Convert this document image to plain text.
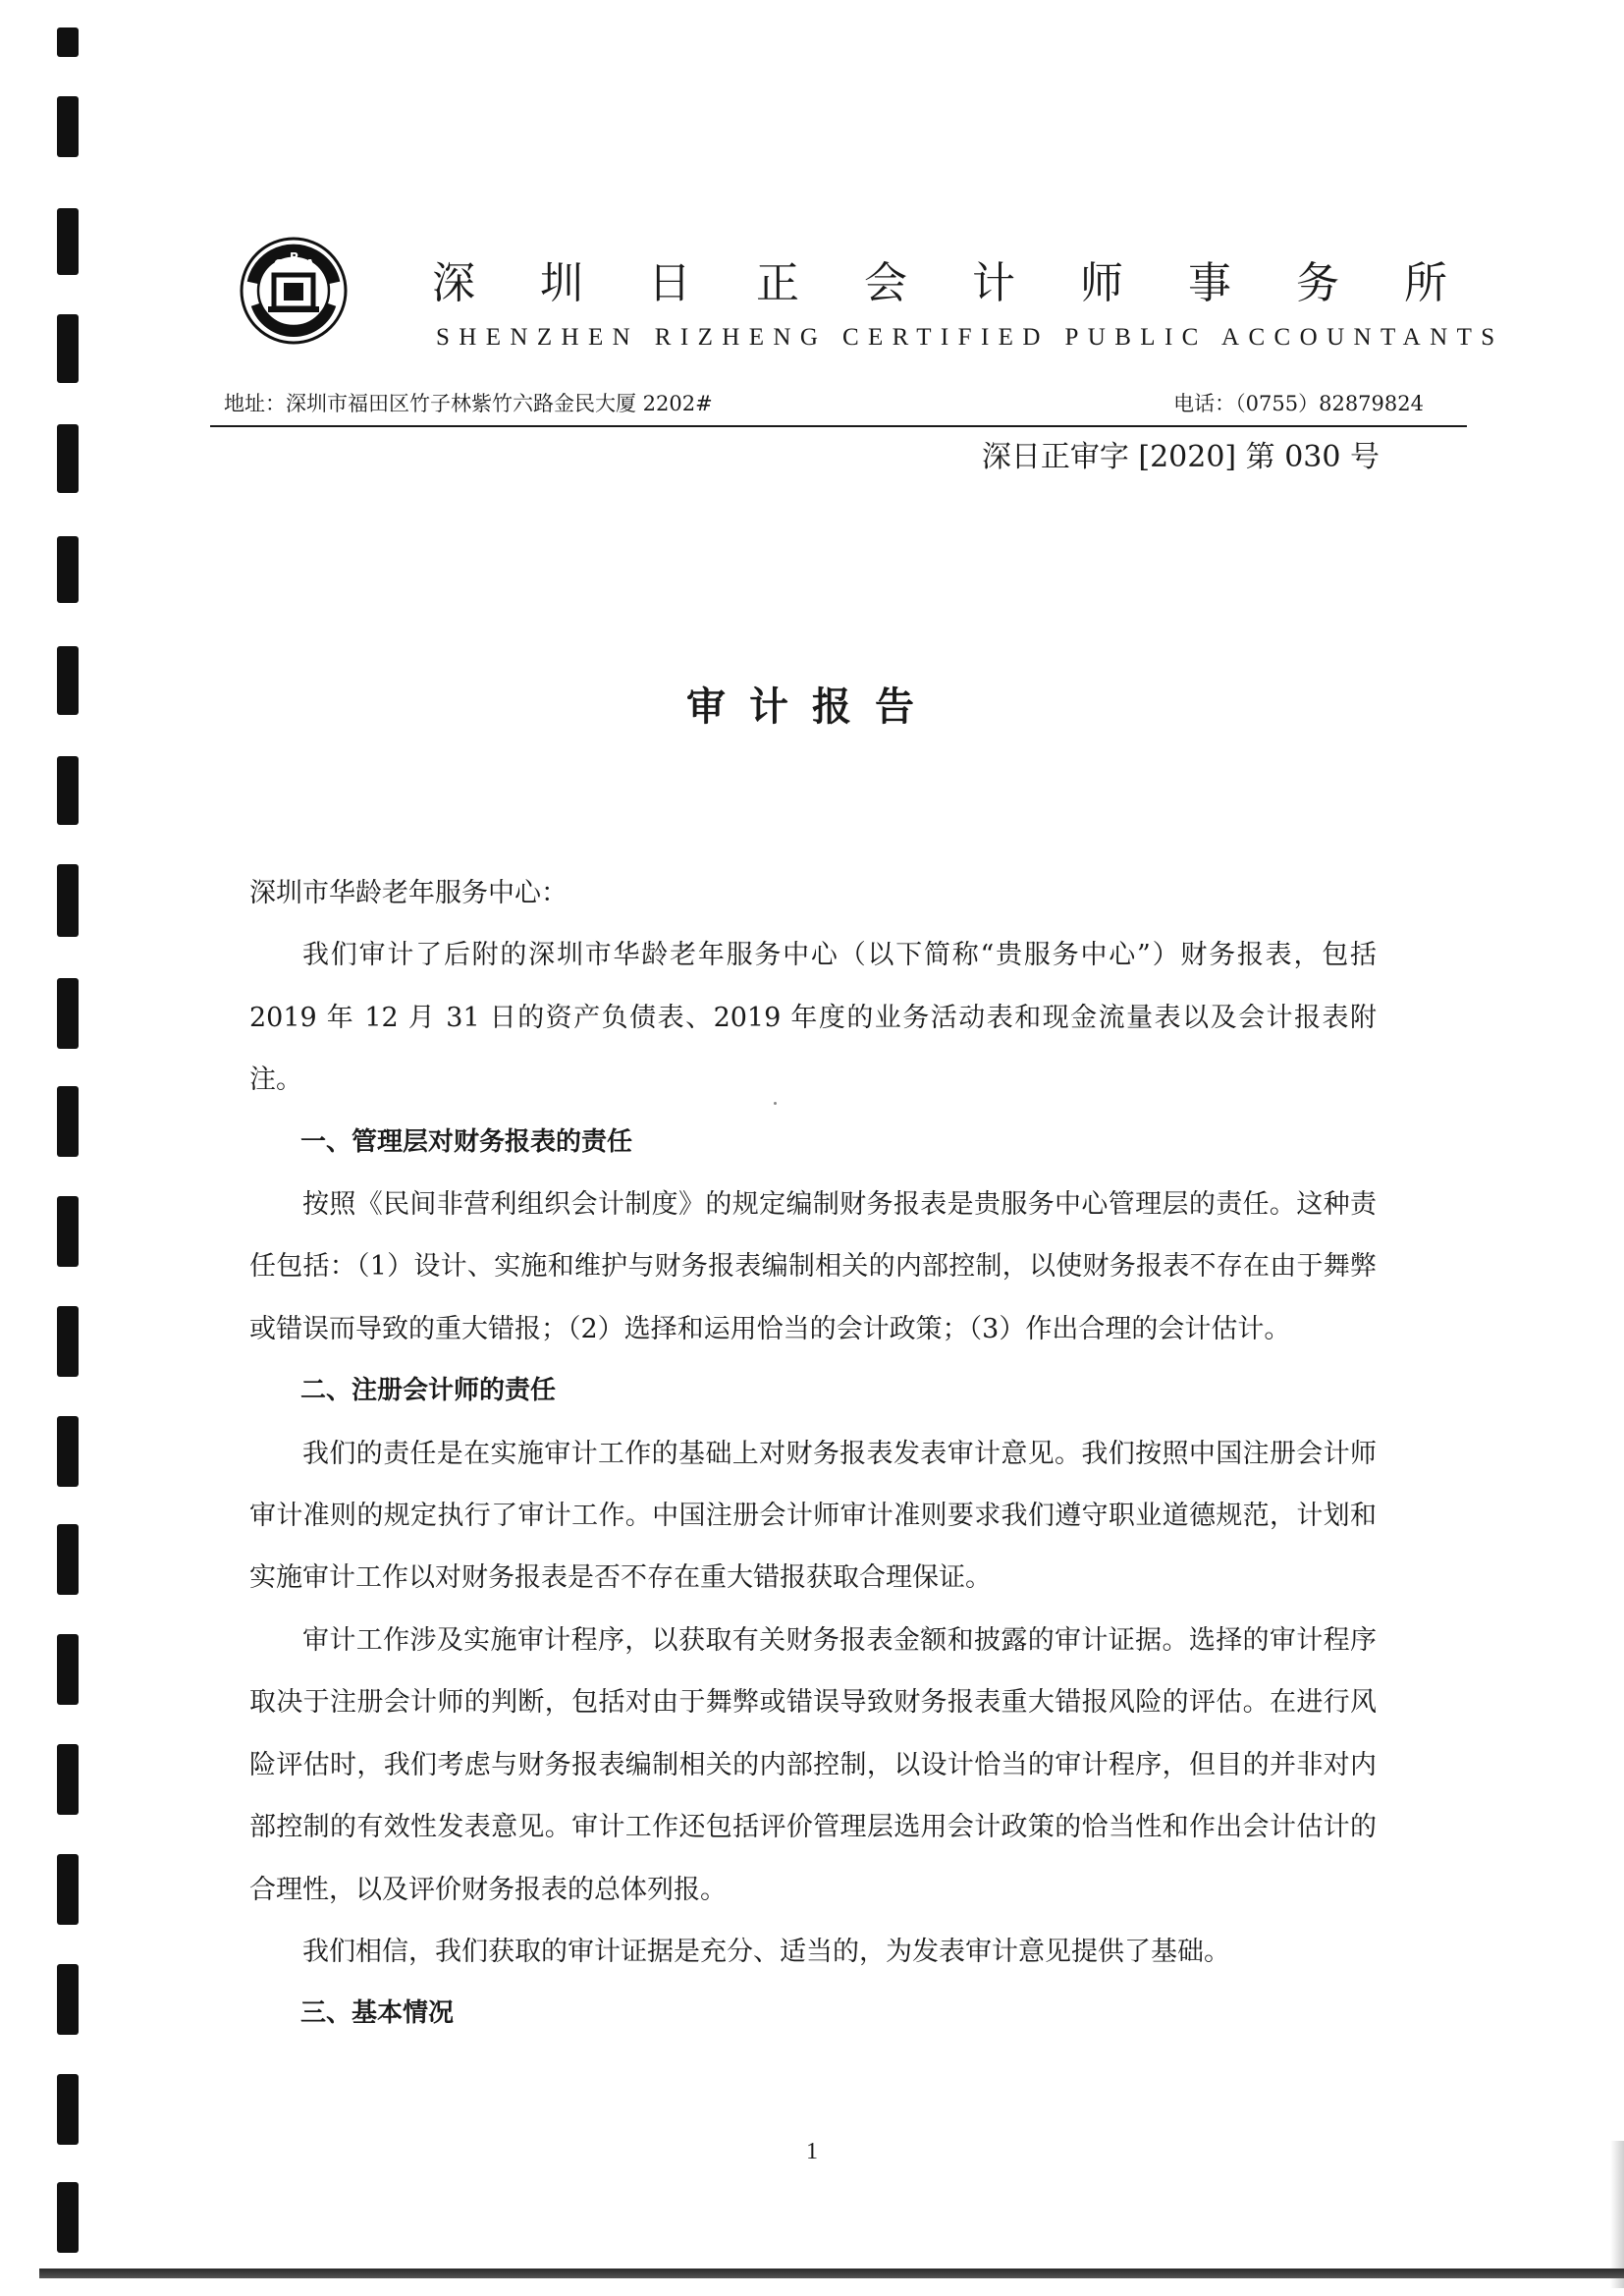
C P A	深圳日正会计师事务所
SHENZHEN RIZHENG CERTIFIED PUBLIC ACCOUNTANTS
地址：深圳市福田区竹子林紫竹六路金民大厦 2202#	电话：（0755）82879824
深日正审字 [2020] 第 030 号
审计报告

深圳市华龄老年服务中心：

我们审计了后附的深圳市华龄老年服务中心（以下简称“贵服务中心”）财务报表，包括 2019 年 12 月 31 日的资产负债表、2019 年度的业务活动表和现金流量表以及会计报表附注。

一、管理层对财务报表的责任

按照《民间非营利组织会计制度》的规定编制财务报表是贵服务中心管理层的责任。这种责任包括：（1）设计、实施和维护与财务报表编制相关的内部控制，以使财务报表不存在由于舞弊或错误而导致的重大错报；（2）选择和运用恰当的会计政策；（3）作出合理的会计估计。

二、注册会计师的责任

我们的责任是在实施审计工作的基础上对财务报表发表审计意见。我们按照中国注册会计师审计准则的规定执行了审计工作。中国注册会计师审计准则要求我们遵守职业道德规范，计划和实施审计工作以对财务报表是否不存在重大错报获取合理保证。

审计工作涉及实施审计程序，以获取有关财务报表金额和披露的审计证据。选择的审计程序取决于注册会计师的判断，包括对由于舞弊或错误导致财务报表重大错报风险的评估。在进行风险评估时，我们考虑与财务报表编制相关的内部控制，以设计恰当的审计程序，但目的并非对内部控制的有效性发表意见。审计工作还包括评价管理层选用会计政策的恰当性和作出会计估计的合理性，以及评价财务报表的总体列报。

我们相信，我们获取的审计证据是充分、适当的，为发表审计意见提供了基础。

三、基本情况

1
